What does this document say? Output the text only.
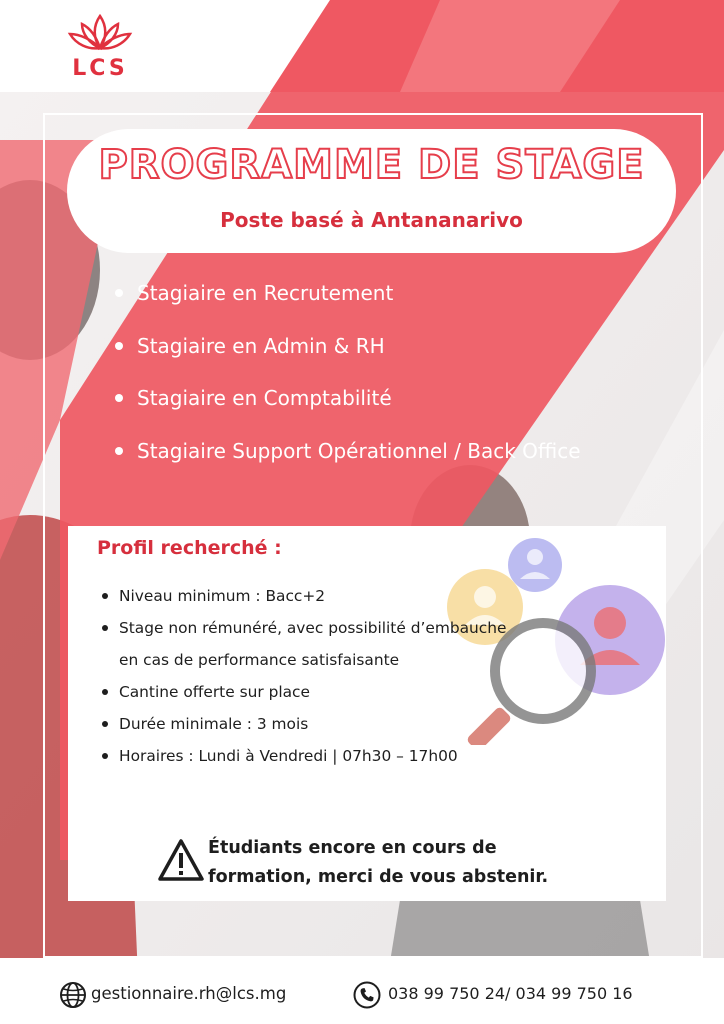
LCS
PROGRAMME DE STAGE
Poste basé à Antananarivo
Stagiaire en Recrutement
Stagiaire en Admin & RH
Stagiaire en Comptabilité
Stagiaire Support Opérationnel / Back Office
Profil recherché :
Niveau minimum : Bacc+2
Stage non rémunéré, avec possibilité d’embauche
en cas de performance satisfaisante
Cantine offerte sur place
Durée minimale : 3 mois
Horaires : Lundi à Vendredi | 07h30 – 17h00
Étudiants encore en cours de
formation, merci de vous abstenir.
gestionnaire.rh@lcs.mg	038 99 750 24/ 034 99 750 16
